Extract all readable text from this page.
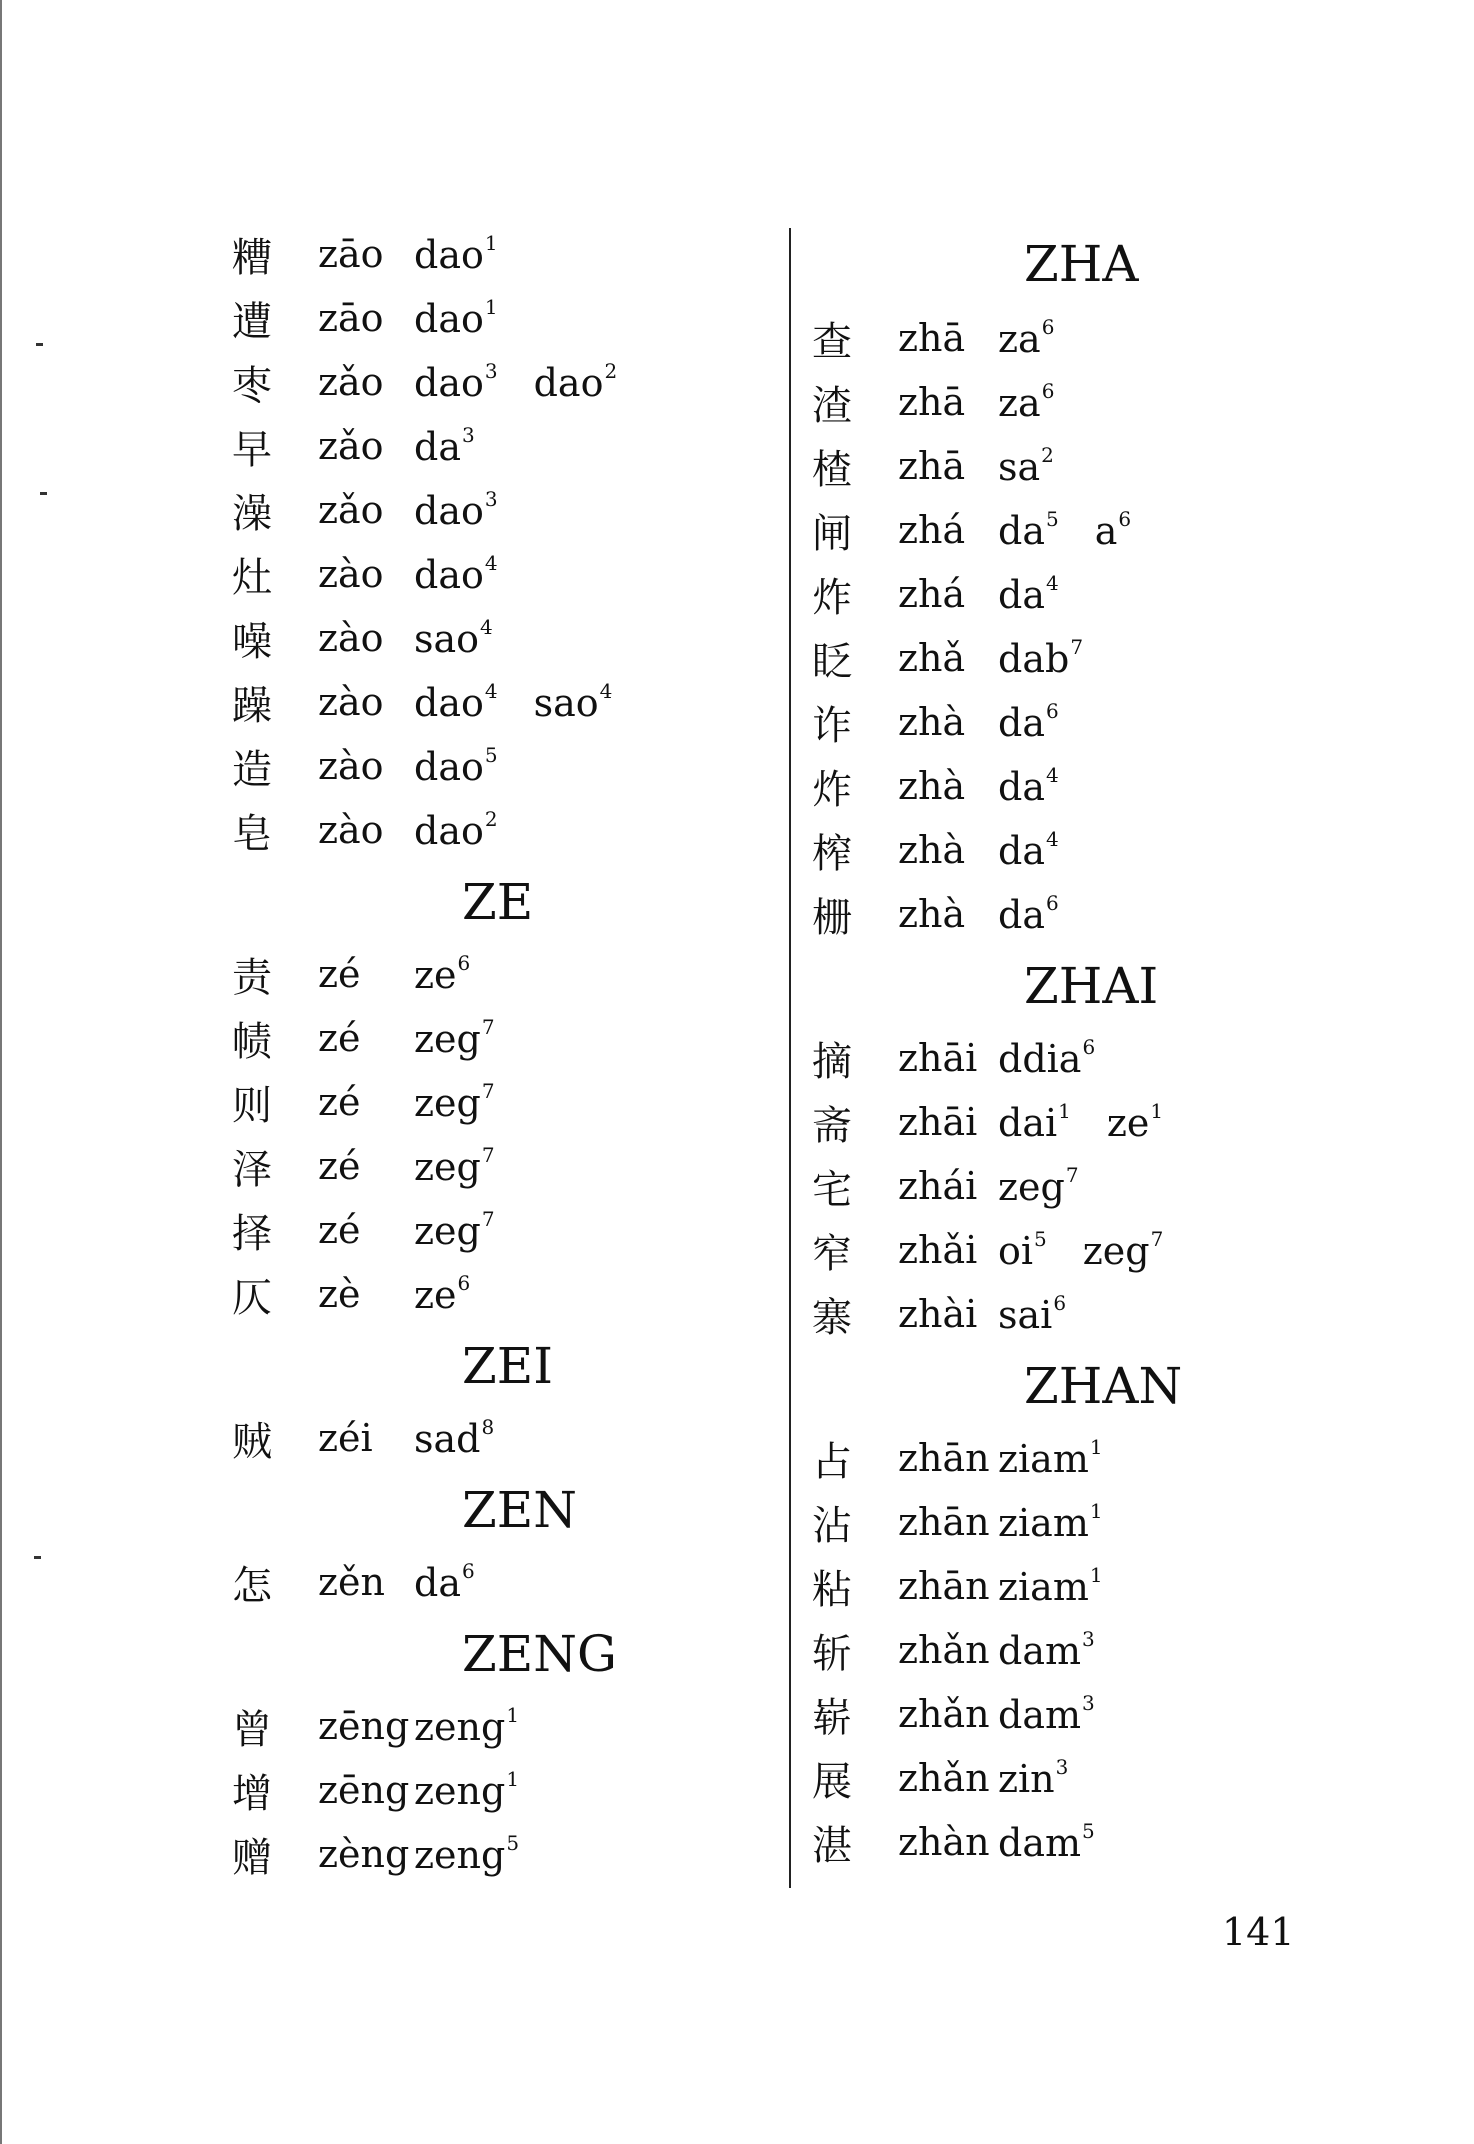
糟	zāo dao$^1$
遭	zāo dao$^1$
枣	zǎo dao$^3$ dao$^2$
早	zǎo $da^3$
澡	zǎo dao$^3$
灶	zào dao$^4$
噪	zào sao$^4$
躁	zào dao$^4$ sao$^4$
造	zào dao$^5$
皂	zào dao$^2$
ZE
责	zé	$ze^6$
帻	zé	zeg$^7$
则	zé	zeg$^7$
泽	zé	zeg$^7$
择	zé	zeg$^7$
仄	zè	$ze^6$
ZEI
贼	zéi	sad$^8$
ZEN
怎	zěn $da^6$
ZENG
曾	zēng zeng$^1$
增	zēng zeng$^1$
赠	zèng zeng$^5$
ZHA
查	zhā $za^6$
渣	zhā $za^6$
楂	zhā $sa^2$
闸	zhá $da^5$ $a^6$
炸	zhá $da^4$
眨	zhǎ dab$^7$
诈	zhà $da^6$
炸	zhà $da^4$
榨	zhà $da^4$
栅	zhà $da^6$
ZHAI
摘	zhāi ddia$^6$
斋	zhāi dai$^1$ $ze^1$
宅	zhái zeg$^7$
窄	zhǎi $oi^5$ zeg$^7$
寨	zhài sai$^6$
ZHAN
占	zhān ziam$^1$
沾	zhān ziam$^1$
粘	zhān ziam$^1$
斩	zhǎn dam$^3$
崭	zhǎn dam$^3$
展	zhǎn zin$^3$
湛	zhàn dam$^5$
141
